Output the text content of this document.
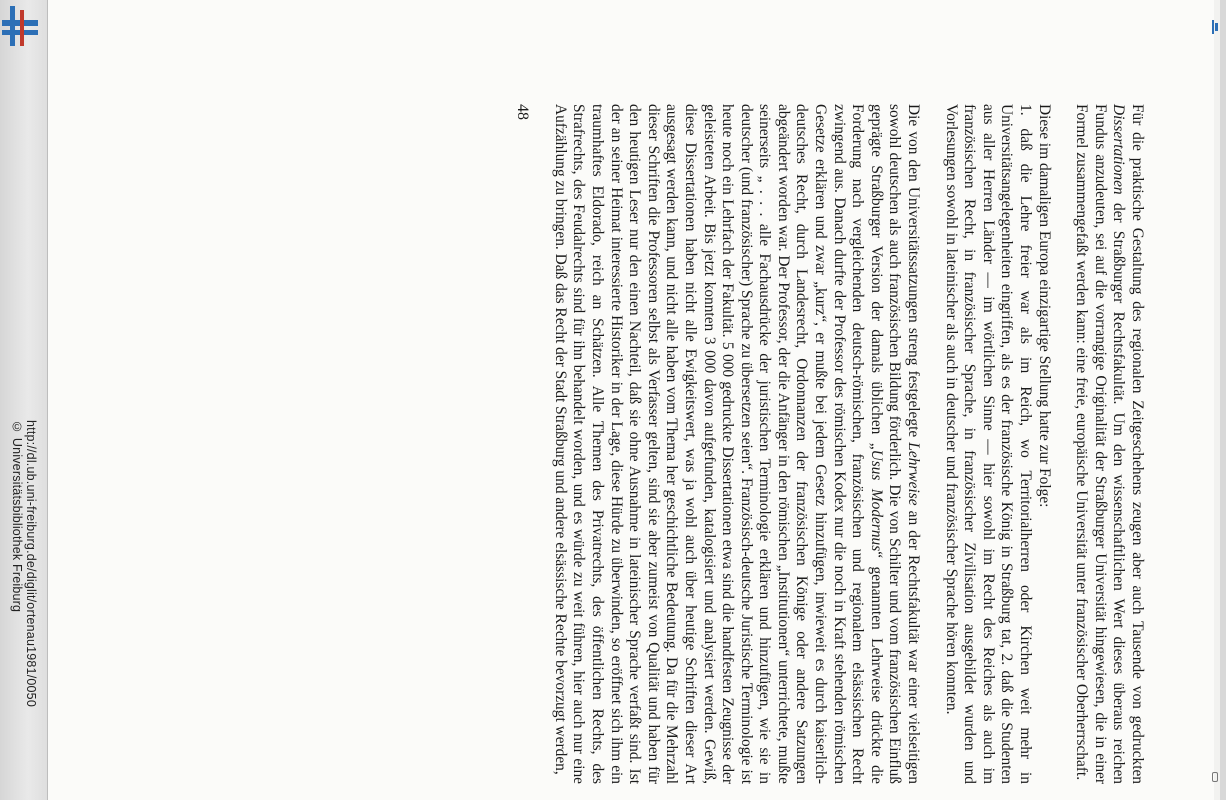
http://dl.ub.uni-freiburg.de/diglit/ortenau1981/0050
© Universitätsbibliothek Freiburg	Für die praktische Gestaltung des regionalen Zeitgeschehens zeugen aber auch Tausende von gedruckten Dissertationen der Straßburger Rechtsfakultät. Um den wissenschaftlichen Wert dieses überaus reichen Fundus anzudeuten, sei auf die vorrangige Originalität der Straßburger Universität hingewiesen, die in einer Formel zusammengefaßt werden kann: eine freie, europäische Universität unter französischer Oberherrschaft.

Diese im damaligen Europa einzigartige Stellung hatte zur Folge:

1. daß die Lehre freier war als im Reich, wo Territorialherren oder Kirchen weit mehr in Universitätsangelegenheiten eingriffen, als es der französische König in Straßburg tat, 2. daß die Studenten aus aller Herren Länder — im wörtlichen Sinne — hier sowohl im Recht des Reiches als auch im französischen Recht, in französischer Sprache, in französischer Zivilisation ausgebildet wurden und Vorlesungen sowohl in lateinischer als auch in deutscher und französischer Sprache hören konnten.

Die von den Universitätssatzungen streng festgelegte Lehrweise an der Rechtsfakultät war einer vielseitigen sowohl deutschen als auch französischen Bildung förderlich. Die von Schilter und vom französischen Einfluß geprägte Straßburger Version der damals üblichen „Usus Modernus“ genannten Lehrweise drückte die Forderung nach vergleichenden deutsch-römischen, französischen und regionalem elsässischen Recht zwingend aus. Danach durfte der Professor des römischen Kodex nur die noch in Kraft stehenden römischen Gesetze erklären und zwar „kurz“, er mußte bei jedem Gesetz hinzufügen, inwieweit es durch kaiserlich-deutsches Recht, durch Landesrecht, Ordonnanzen der französischen Könige oder andere Satzungen abgeändert worden war. Der Professor, der die Anfänger in den römischen „Institutionen“ unterrichtete, mußte seinerseits „ . . . alle Fachausdrücke der juristischen Terminologie erklären und hinzufügen, wie sie in deutscher (und französischer) Sprache zu übersetzen seien“. Französisch-deutsche Juristische Terminologie ist heute noch ein Lehrfach der Fakultät. 5 000 gedruckte Dissertationen etwa sind die handfesten Zeugnisse der geleisteten Arbeit. Bis jetzt konnten 3 000 davon aufgefunden, katalogisiert und analysiert werden. Gewiß, diese Dissertationen haben nicht alle Ewigkeitswert, was ja wohl auch über heutige Schriften dieser Art ausgesagt werden kann, und nicht alle haben vom Thema her geschichtliche Bedeutung. Da für die Mehrzahl dieser Schriften die Professoren selbst als Verfasser gelten, sind sie aber zumeist von Qualität und haben für den heutigen Leser nur den einen Nachteil, daß sie ohne Ausnahme in lateinischer Sprache verfaßt sind. Ist der an seiner Heimat interessierte Historiker in der Lage, diese Hürde zu überwinden, so eröffnet sich ihm ein traumhaftes Eldorado, reich an Schätzen. Alle Themen des Privatrechts, des öffentlichen Rechts, des Strafrechts, des Feudalrechts sind für ihn behandelt worden, und es würde zu weit führen, hier auch nur eine Aufzählung zu bringen. Daß das Recht der Stadt Straßburg und andere elsässische Rechte bevorzugt werden,

48
